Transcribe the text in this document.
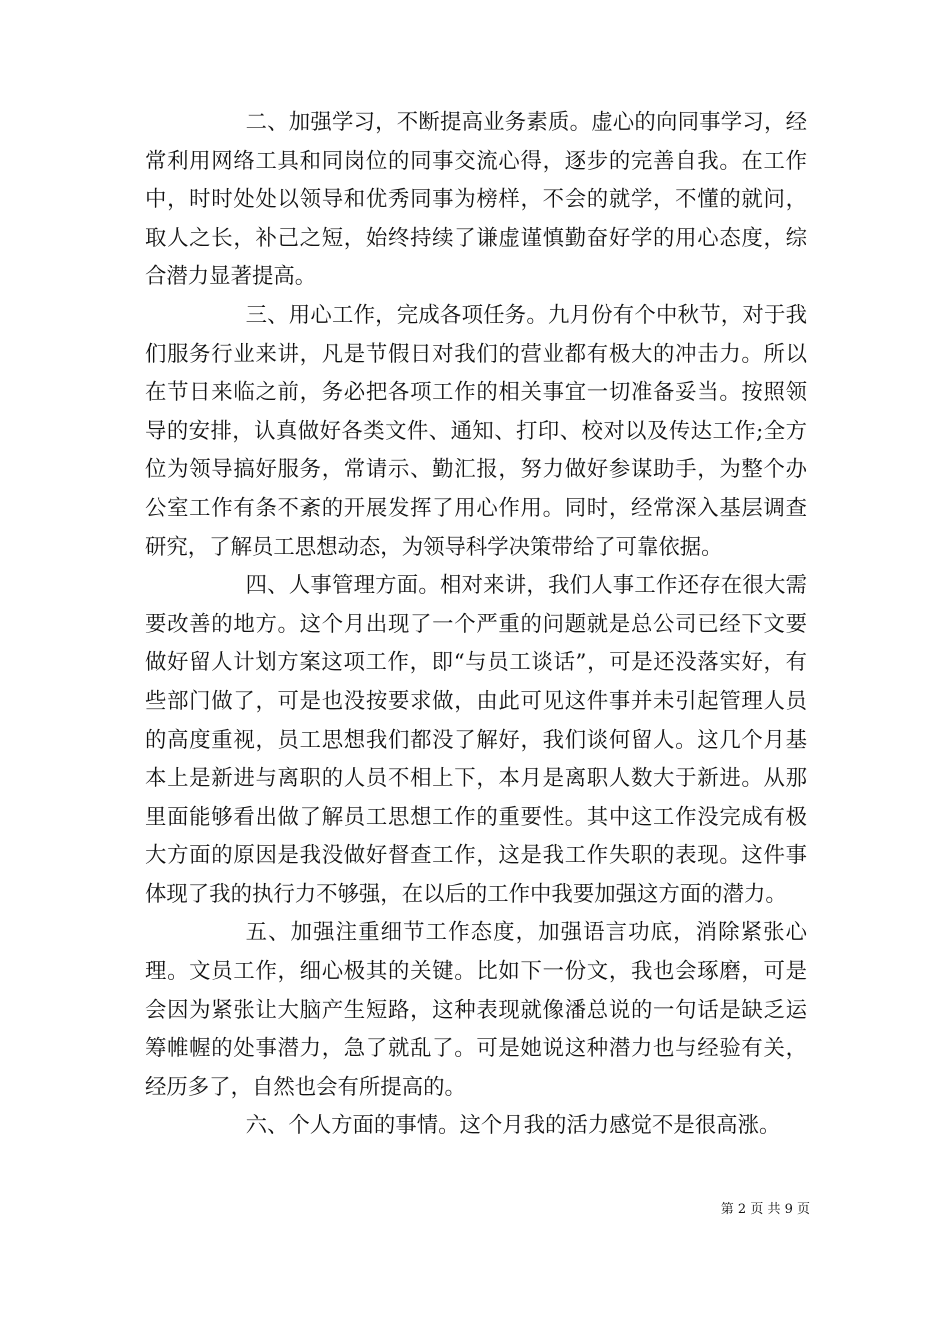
二、加强学习，不断提高业务素质。虚心的向同事学习，经常利用网络工具和同岗位的同事交流心得，逐步的完善自我。在工作中，时时处处以领导和优秀同事为榜样，不会的就学，不懂的就问，取人之长，补己之短，始终持续了谦虚谨慎勤奋好学的用心态度，综合潜力显著提高。

三、用心工作，完成各项任务。九月份有个中秋节，对于我们服务行业来讲，凡是节假日对我们的营业都有极大的冲击力。所以在节日来临之前，务必把各项工作的相关事宜一切准备妥当。按照领导的安排，认真做好各类文件、通知、打印、校对以及传达工作;全方位为领导搞好服务，常请示、勤汇报，努力做好参谋助手，为整个办公室工作有条不紊的开展发挥了用心作用。同时，经常深入基层调查研究，了解员工思想动态，为领导科学决策带给了可靠依据。

四、人事管理方面。相对来讲，我们人事工作还存在很大需要改善的地方。这个月出现了一个严重的问题就是总公司已经下文要做好留人计划方案这项工作，即“与员工谈话”，可是还没落实好，有些部门做了，可是也没按要求做，由此可见这件事并未引起管理人员的高度重视，员工思想我们都没了解好，我们谈何留人。这几个月基本上是新进与离职的人员不相上下，本月是离职人数大于新进。从那里面能够看出做了解员工思想工作的重要性。其中这工作没完成有极大方面的原因是我没做好督查工作，这是我工作失职的表现。这件事体现了我的执行力不够强，在以后的工作中我要加强这方面的潜力。

五、加强注重细节工作态度，加强语言功底，消除紧张心理。文员工作，细心极其的关键。比如下一份文，我也会琢磨，可是会因为紧张让大脑产生短路，这种表现就像潘总说的一句话是缺乏运筹帷幄的处事潜力，急了就乱了。可是她说这种潜力也与经验有关，经历多了，自然也会有所提高的。

六、个人方面的事情。这个月我的活力感觉不是很高涨。

第 2 页 共 9 页
